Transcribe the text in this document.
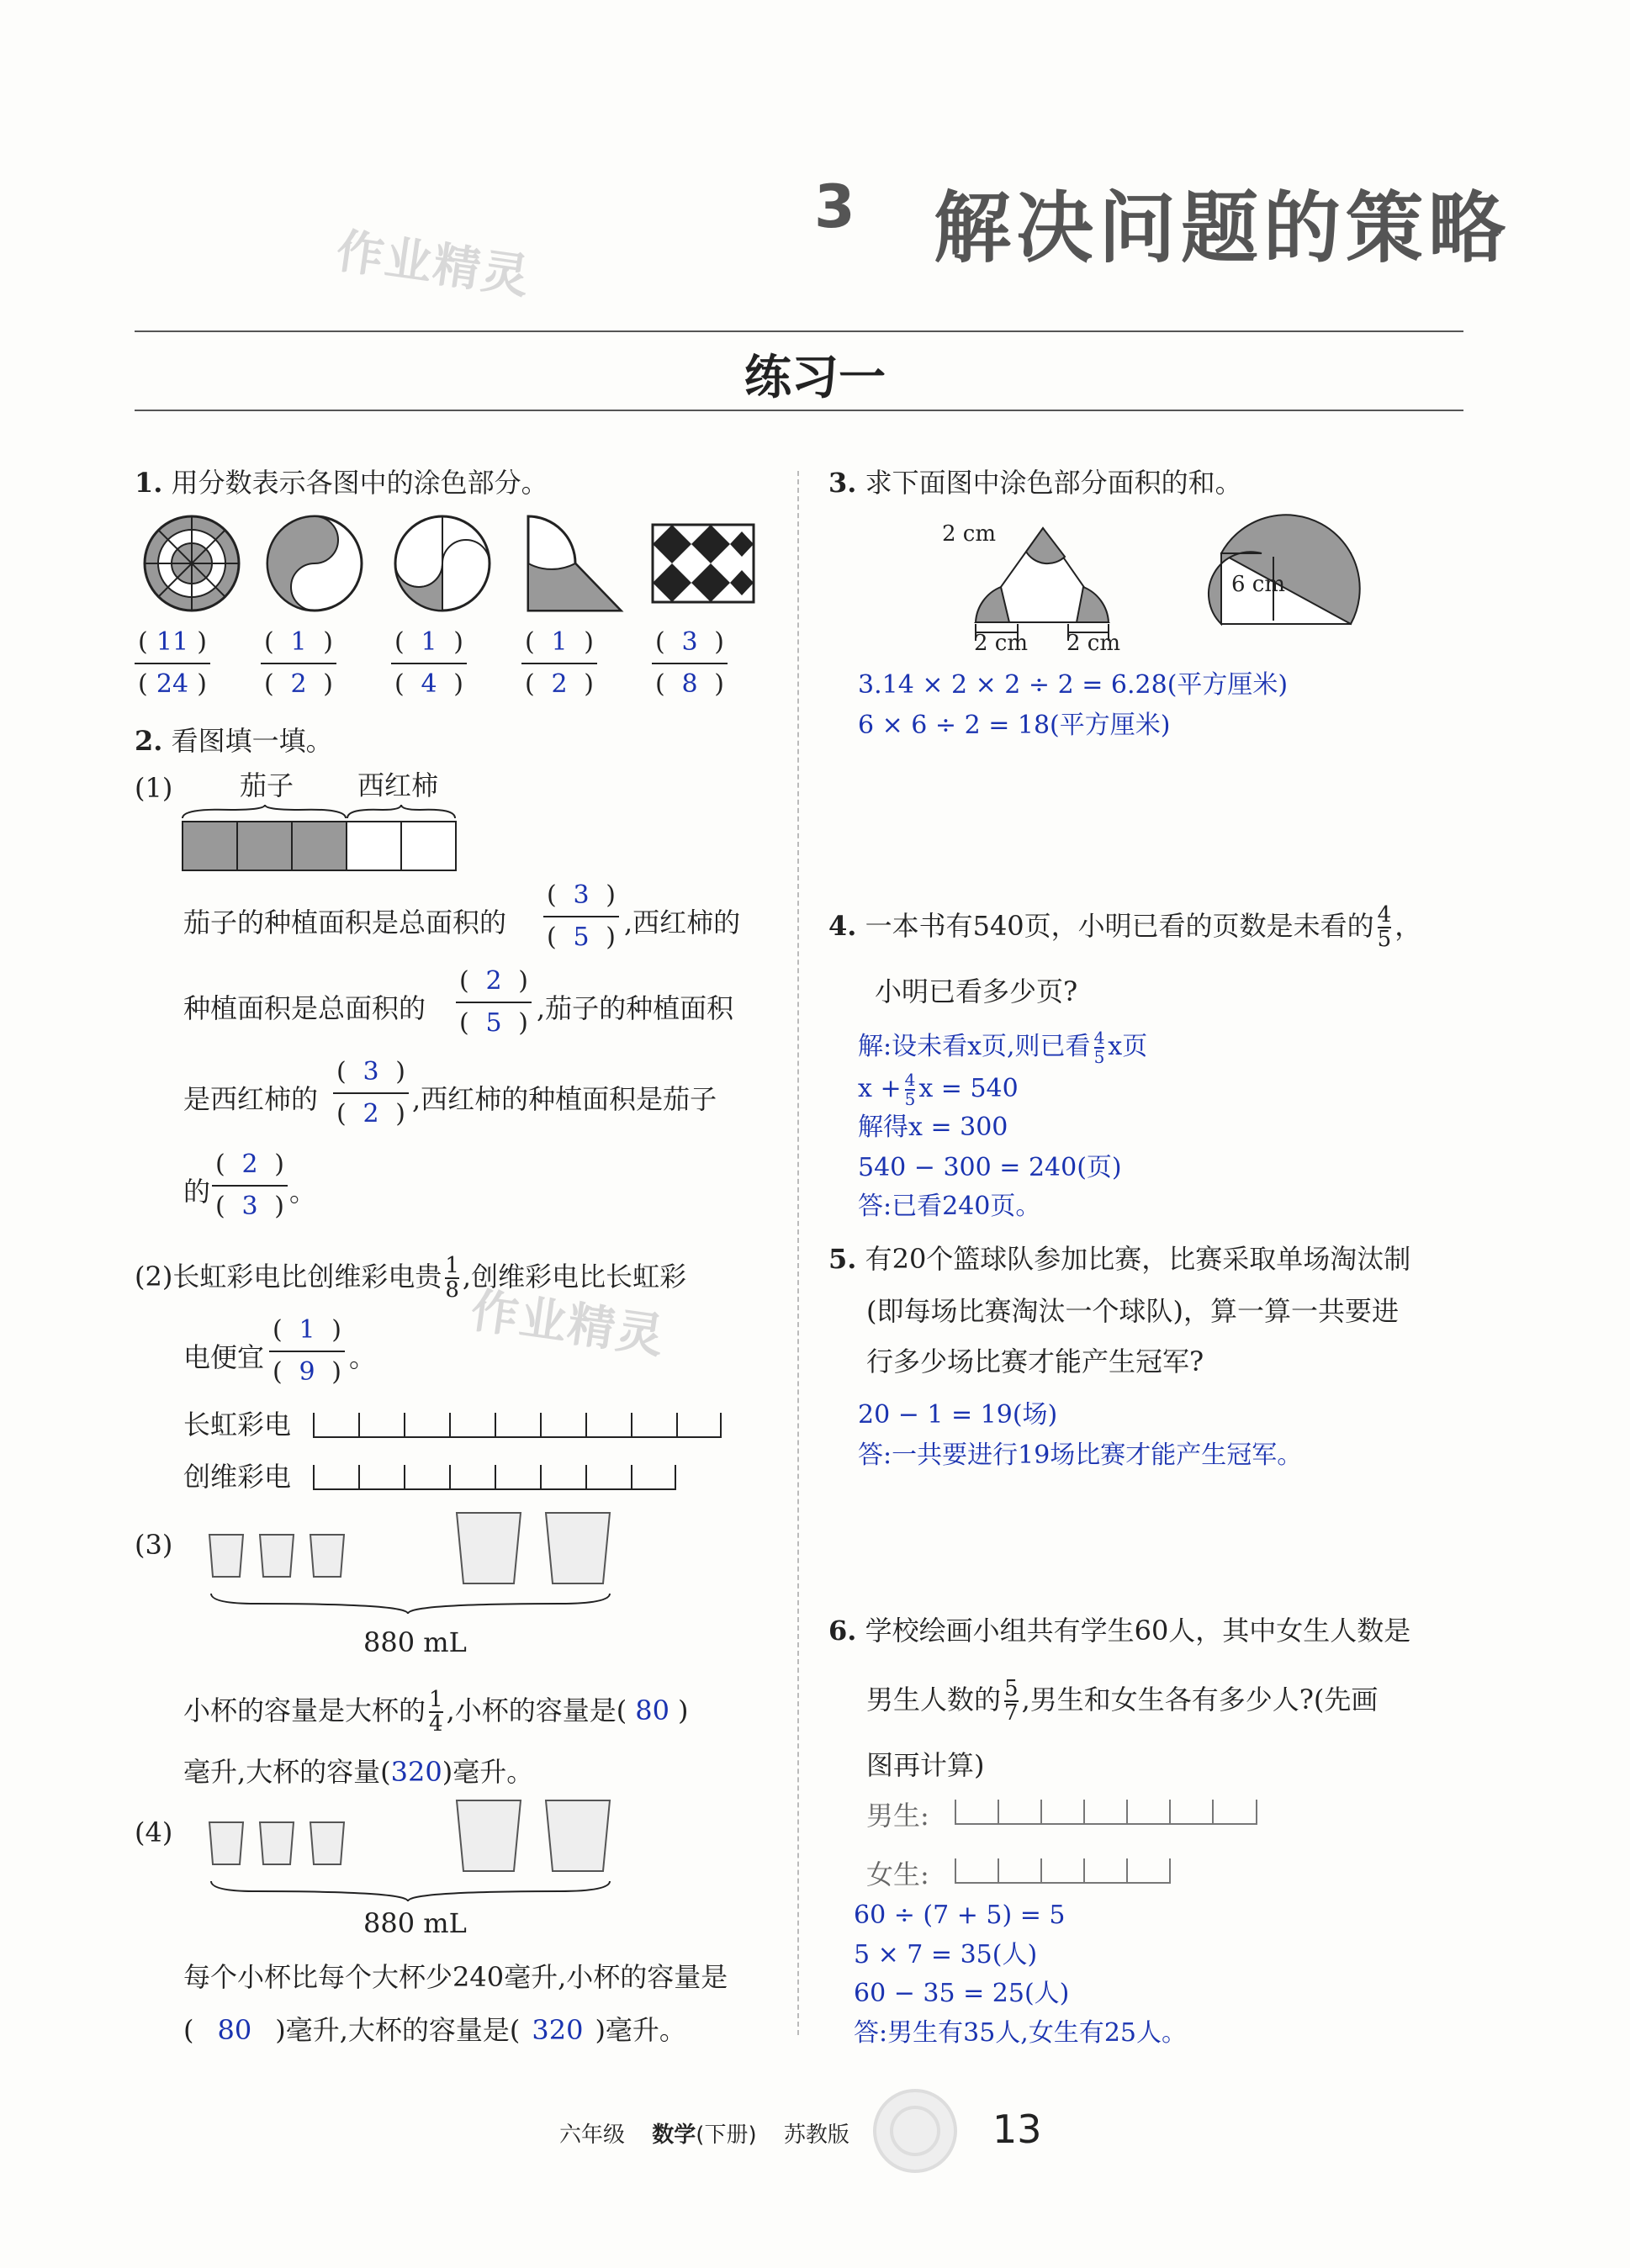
3 解决问题的策略
作业精灵
练习一
1. 用分数表示各图中的涂色部分。
( 11 )
( 24 )
( 1 )
( 2 )
( 1 )
( 4 )
( 1 )
( 2 )
( 3 )
( 8 )
2. 看图填一填。
(1) 茄子 西红柿
茄子的种植面积是总面积的
( 3 )
( 5 ) ,西红柿的
种植面积是总面积的
( 2 )
( 5 ) ,茄子的种植面积
是西红柿的
( 3 )
( 2 ) ,西红柿的种植面积是茄子
的
( 2 )
( 3 ) 。
(2)长虹彩电比创维彩电贵 $\frac{1}{8}$ ,创维彩电比长虹彩
作业精灵
电便宜
( 1 )
( 9 ) 。
长虹彩电
创维彩电
(3)
880 mL
小杯的容量是大杯的 $\frac{1}{4}$ ,小杯的容量是( 80 )
毫升,大杯的容量(320)毫升。
(4)
880 mL
每个小杯比每个大杯少240毫升,小杯的容量是
( 80 )毫升,大杯的容量是( 320 )毫升。
3. 求下面图中涂色部分面积的和。
2 cm
2 cm 2 cm
6 cm
3.14 × 2 × 2 ÷ 2 = 6.28(平方厘米)
6 × 6 ÷ 2 = 18(平方厘米)
4. 一本书有540页，小明已看的页数是未看的 $\frac{4}{5}$ ，
小明已看多少页?
解:设未看x页,则已看 $\frac{4}{5}$ x页
$x + \frac{4}{5}$ x = 540
解得x = 300
540 − 300 = 240(页)
答:已看240页。
5. 有20个篮球队参加比赛，比赛采取单场淘汰制
(即每场比赛淘汰一个球队)，算一算一共要进
行多少场比赛才能产生冠军?
20 − 1 = 19(场)
答:一共要进行19场比赛才能产生冠军。
6. 学校绘画小组共有学生60人，其中女生人数是
男生人数的 $\frac{5}{7}$ ,男生和女生各有多少人?(先画
图再计算)
男生:
女生:
60 ÷ (7 + 5) = 5
5 × 7 = 35(人)
60 − 35 = 25(人)
答:男生有35人,女生有25人。
六年级 数学(下册) 苏教版	13
